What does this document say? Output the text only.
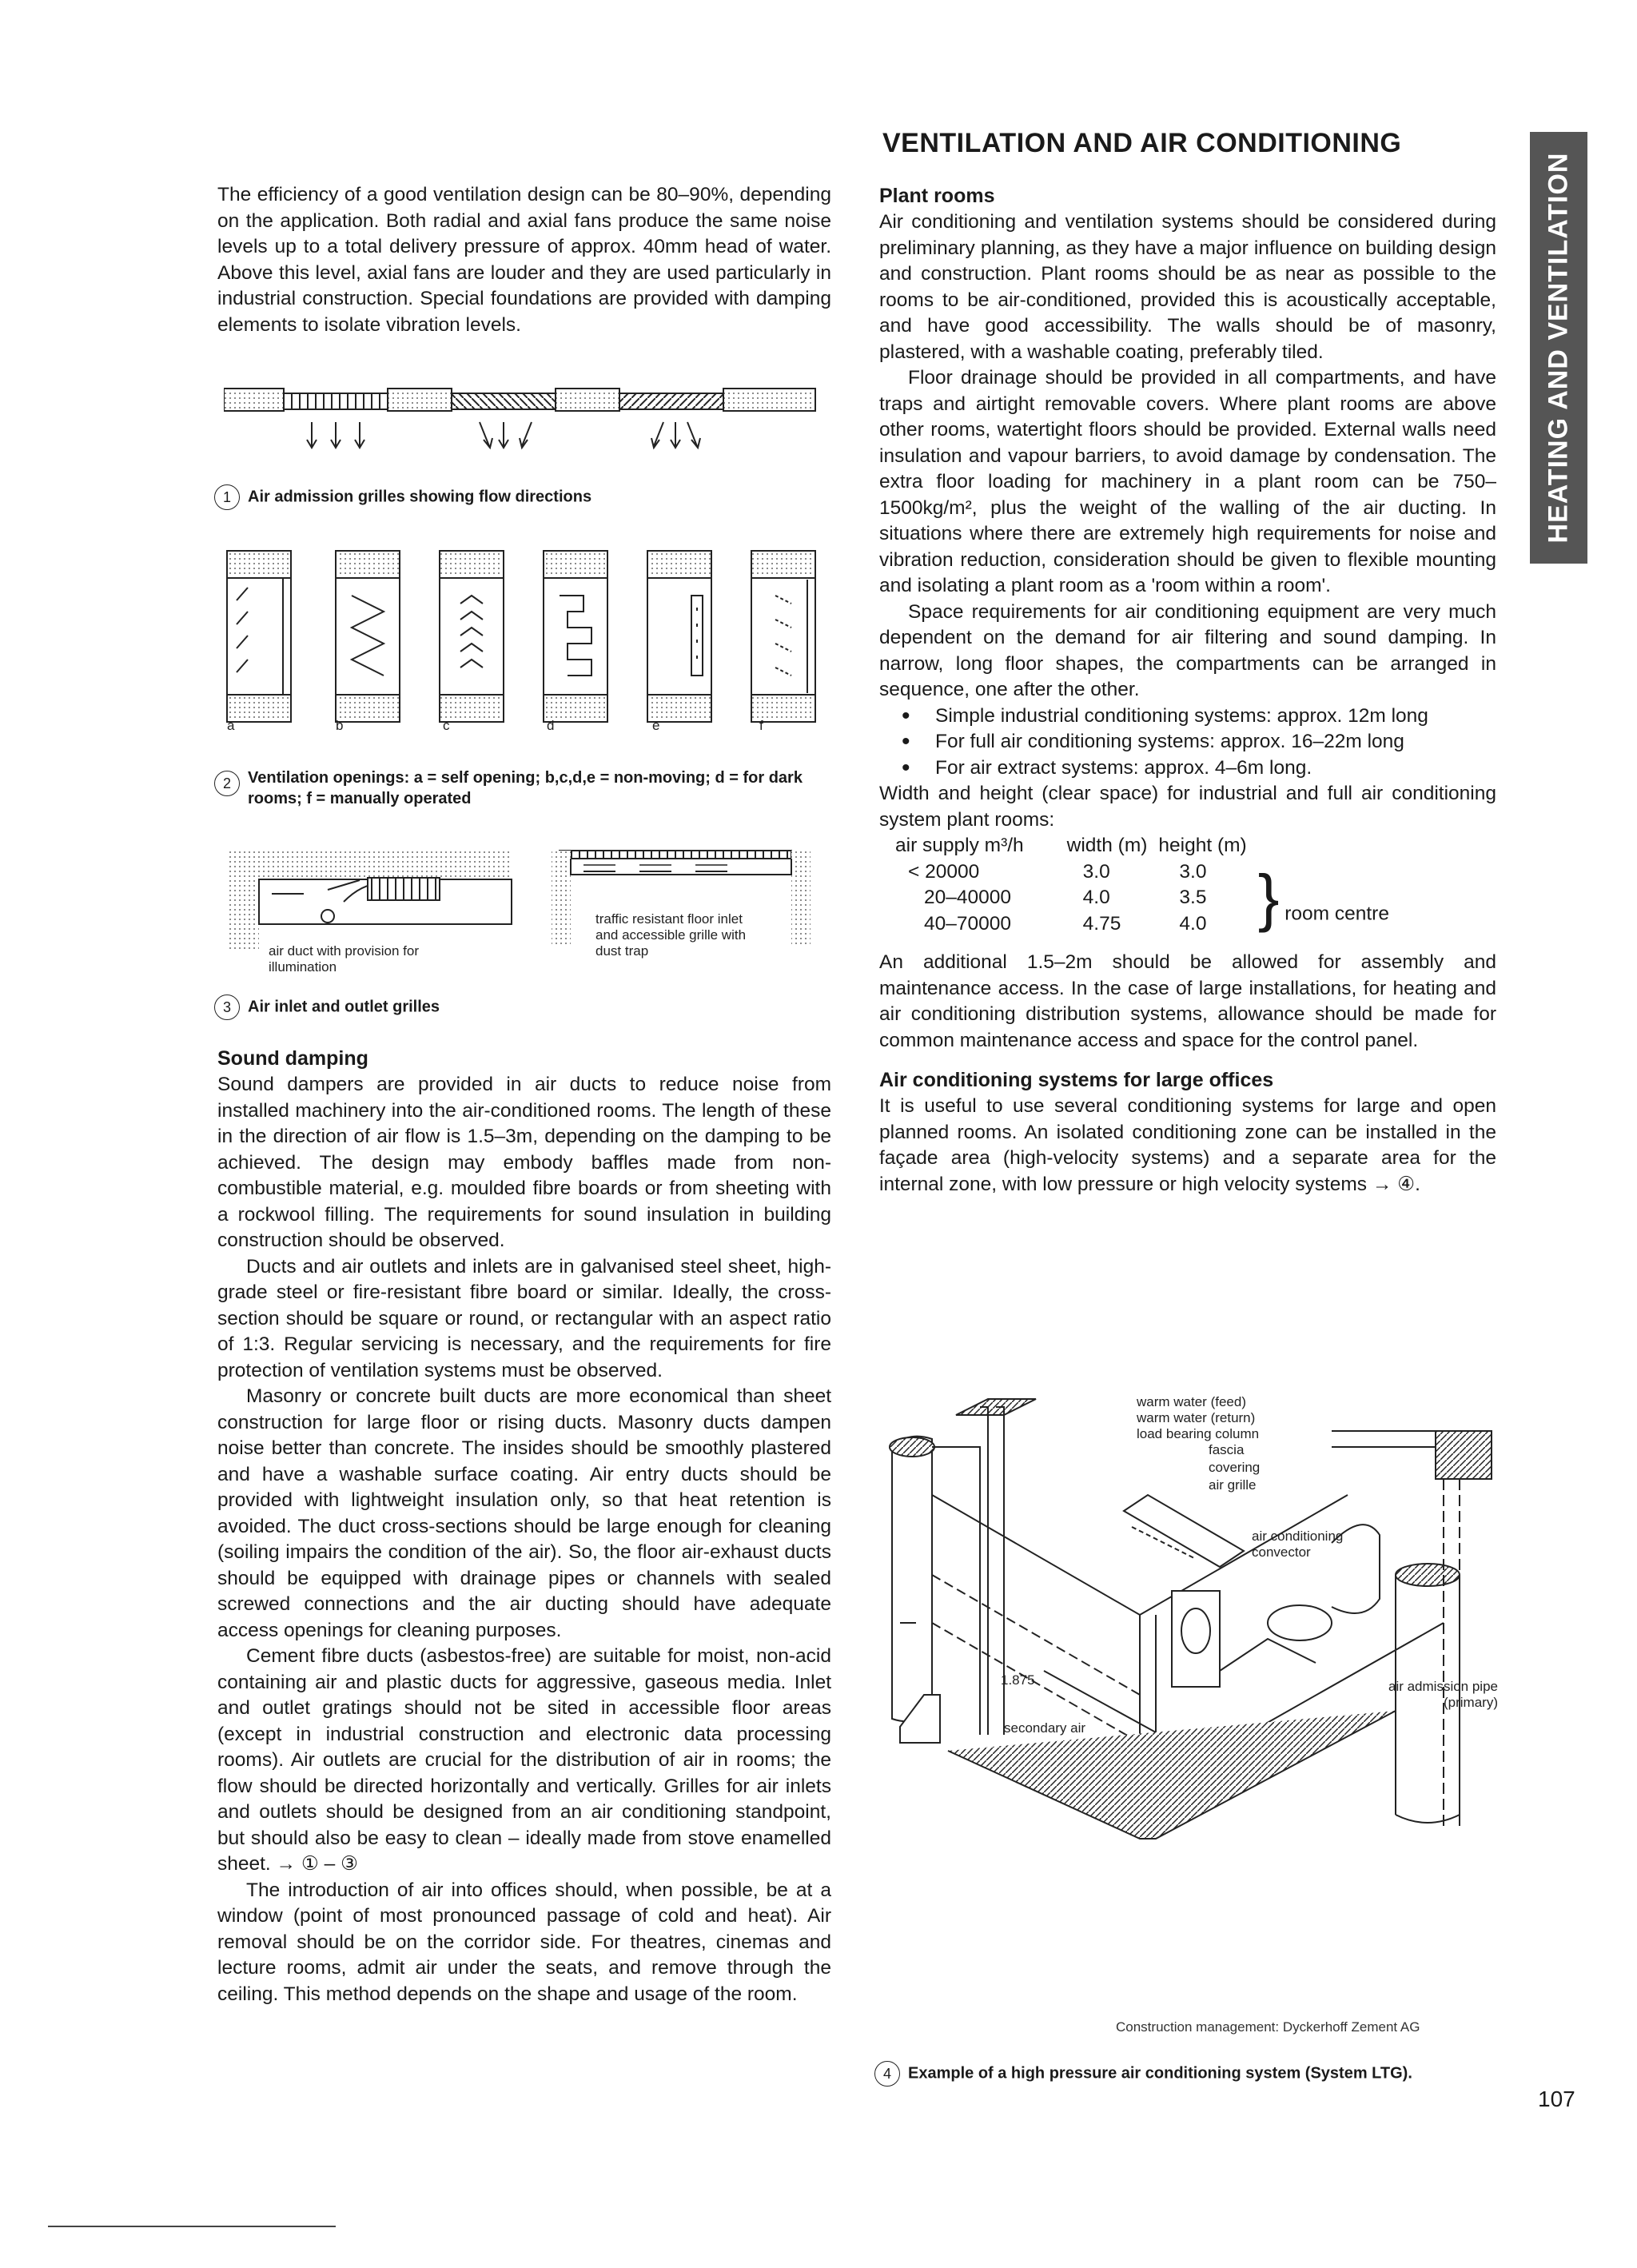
VENTILATION AND AIR CONDITIONING
HEATING AND VENTILATION

The efficiency of a good ventilation design can be 80–90%, depending on the application. Both radial and axial fans produce the same noise levels up to a total delivery pressure of approx. 40mm head of water. Above this level, axial fans are louder and they are used particularly in industrial construction. Special foundations are provided with damping elements to isolate vibration levels.

1 Air admission grilles showing flow directions
a	b	c	d	e	f
2	Ventilation openings: a = self opening; b,c,d,e = non-moving; d = for dark rooms; f = manually operated
air duct with provision for illumination
traffic resistant floor inlet and accessible grille with dust trap
3 Air inlet and outlet grilles
Sound damping

Sound dampers are provided in air ducts to reduce noise from installed machinery into the air-conditioned rooms. The length of these in the direction of air flow is 1.5–3m, depending on the damping to be achieved. The design may embody baffles made from non-combustible material, e.g. moulded fibre boards or from sheeting with a rockwool filling. The requirements for sound insulation in building construction should be observed.

Ducts and air outlets and inlets are in galvanised steel sheet, high-grade steel or fire-resistant fibre board or similar. Ideally, the cross-section should be square or round, or rectangular with an aspect ratio of 1:3. Regular servicing is necessary, and the requirements for fire protection of ventilation systems must be observed.

Masonry or concrete built ducts are more economical than sheet construction for large floor or rising ducts. Masonry ducts dampen noise better than concrete. The insides should be smoothly plastered and have a washable surface coating. Air entry ducts should be provided with lightweight insulation only, so that heat retention is avoided. The duct cross-sections should be large enough for cleaning (soiling impairs the condition of the air). So, the floor air-exhaust ducts should be equipped with drainage pipes or channels with sealed screwed connections and the air ducting should have adequate access openings for cleaning purposes.

Cement fibre ducts (asbestos-free) are suitable for moist, non-acid containing air and plastic ducts for aggressive, gaseous media. Inlet and outlet gratings should not be sited in accessible floor areas (except in industrial construction and electronic data processing rooms). Air outlets are crucial for the distribution of air in rooms; the flow should be directed horizontally and vertically. Grilles for air inlets and outlets should be designed from an air conditioning standpoint, but should also be easy to clean – ideally made from stove enamelled sheet. → ① – ③

The introduction of air into offices should, when possible, be at a window (point of most pronounced passage of cold and heat). Air removal should be on the corridor side. For theatres, cinemas and lecture rooms, admit air under the seats, and remove through the ceiling. This method depends on the shape and usage of the room.

Plant rooms

Air conditioning and ventilation systems should be considered during preliminary planning, as they have a major influence on building design and construction. Plant rooms should be as near as possible to the rooms to be air-conditioned, provided this is acoustically acceptable, and have good accessibility. The walls should be of masonry, plastered, with a washable coating, preferably tiled.

Floor drainage should be provided in all compartments, and have traps and airtight removable covers. Where plant rooms are above other rooms, watertight floors should be provided. External walls need insulation and vapour barriers, to avoid damage by condensation. The extra floor loading for machinery in a plant room can be 750–1500kg/m², plus the weight of the walling of the air ducting. In situations where there are extremely high requirements for noise and vibration reduction, consideration should be given to flexible mounting and isolating a plant room as a 'room within a room'.

Space requirements for air conditioning equipment are very much dependent on the demand for air filtering and sound damping. In narrow, long floor shapes, the compartments can be arranged in sequence, one after the other.

• Simple industrial conditioning systems: approx. 12m long
• For full air conditioning systems: approx. 16–22m long
• For air extract systems: approx. 4–6m long.

Width and height (clear space) for industrial and full air conditioning system plant rooms:

air supply m³/h	width (m)	height (m)	
< 20000	3.0	3.0	} room centre
20–40000	4.0	3.5	
40–70000	4.75	4.0	

An additional 1.5–2m should be allowed for assembly and maintenance access. In the case of large installations, for heating and air conditioning distribution systems, allowance should be made for common maintenance access and space for the control panel.

Air conditioning systems for large offices

It is useful to use several conditioning systems for large and open planned rooms. An isolated conditioning zone can be installed in the façade area (high-velocity systems) and a separate area for the internal zone, with low pressure or high velocity systems → ④.

warm water (feed)
warm water (return)
load bearing column
fascia
covering
air grille
air conditioning convector
air admission pipe (primary)
secondary air
1.875
Construction management: Dyckerhoff Zement AG
4 Example of a high pressure air conditioning system (System LTG).
107
